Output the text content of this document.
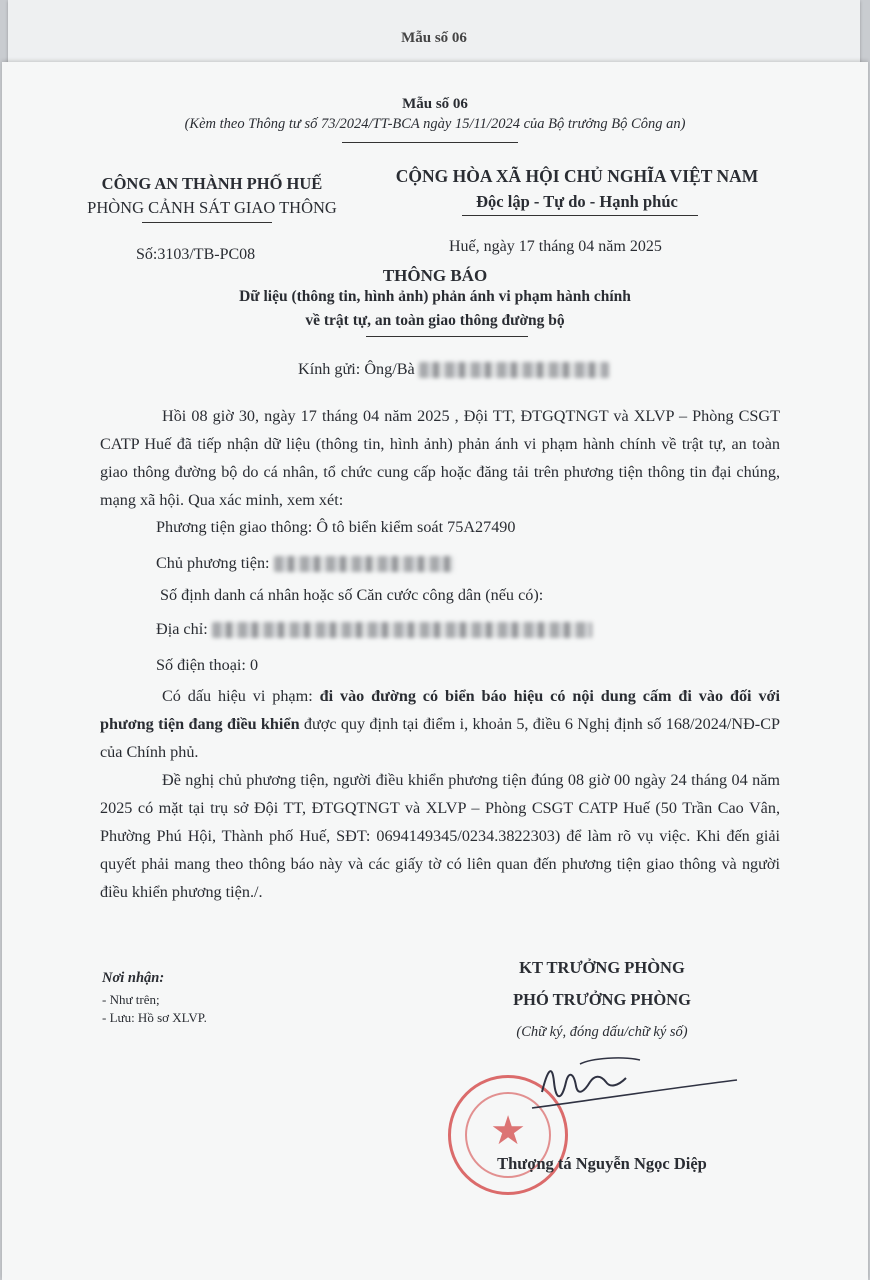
Mẫu số 06
Mẫu số 06
(Kèm theo Thông tư số 73/2024/TT-BCA ngày 15/11/2024 của Bộ trưởng Bộ Công an)
CÔNG AN THÀNH PHỐ HUẾ
PHÒNG CẢNH SÁT GIAO THÔNG
CỘNG HÒA XÃ HỘI CHỦ NGHĨA VIỆT NAM
Độc lập - Tự do - Hạnh phúc
Số:3103/TB-PC08	Huế, ngày 17 tháng 04 năm 2025
THÔNG BÁO
Dữ liệu (thông tin, hình ảnh) phản ánh vi phạm hành chính
về trật tự, an toàn giao thông đường bộ
Kính gửi: Ông/Bà
Hồi 08 giờ 30, ngày 17 tháng 04 năm 2025 , Đội TT, ĐTGQTNGT và XLVP – Phòng CSGT CATP Huế đã tiếp nhận dữ liệu (thông tin, hình ảnh) phản ánh vi phạm hành chính về trật tự, an toàn giao thông đường bộ do cá nhân, tổ chức cung cấp hoặc đăng tải trên phương tiện thông tin đại chúng, mạng xã hội. Qua xác minh, xem xét:
Phương tiện giao thông: Ô tô biển kiểm soát 75A27490
Chủ phương tiện:
Số định danh cá nhân hoặc số Căn cước công dân (nếu có):
Địa chỉ:
Số điện thoại: 0
Có dấu hiệu vi phạm: đi vào đường có biển báo hiệu có nội dung cấm đi vào đối với phương tiện đang điều khiển được quy định tại điểm i, khoản 5, điều 6 Nghị định số 168/2024/NĐ-CP của Chính phủ.
Đề nghị chủ phương tiện, người điều khiển phương tiện đúng 08 giờ 00 ngày 24 tháng 04 năm 2025 có mặt tại trụ sở Đội TT, ĐTGQTNGT và XLVP – Phòng CSGT CATP Huế (50 Trần Cao Vân, Phường Phú Hội, Thành phố Huế, SĐT: 0694149345/0234.3822303) để làm rõ vụ việc. Khi đến giải quyết phải mang theo thông báo này và các giấy tờ có liên quan đến phương tiện giao thông và người điều khiển phương tiện./.
Nơi nhận:
- Như trên;
- Lưu: Hồ sơ XLVP.
KT TRƯỞNG PHÒNG
PHÓ TRƯỞNG PHÒNG
(Chữ ký, đóng dấu/chữ ký số)
★
Thượng tá Nguyễn Ngọc Diệp
